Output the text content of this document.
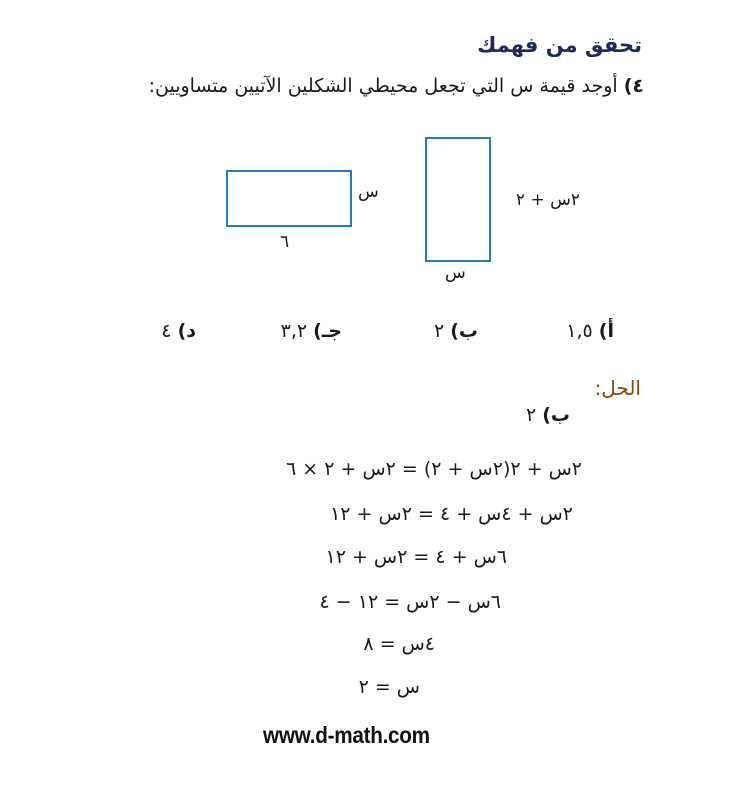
تحقق من فهمك
٤) أوجد قيمة س التي تجعل محيطي الشكلين الآتيين متساويين:
س
٦
٢س + ٢
س
أ) ١,٥
ب) ٢
جـ) ٣,٢
د) ٤
الحل:
ب) ٢
٢س + ٢(٢س + ٢) = ٢س + ٢ × ٦
٢س + ٤س + ٤ = ٢س + ١٢
٦س + ٤ = ٢س + ١٢
٦س − ٢س = ١٢ − ٤
٤س = ٨
س = ٢
www.d-math.com
